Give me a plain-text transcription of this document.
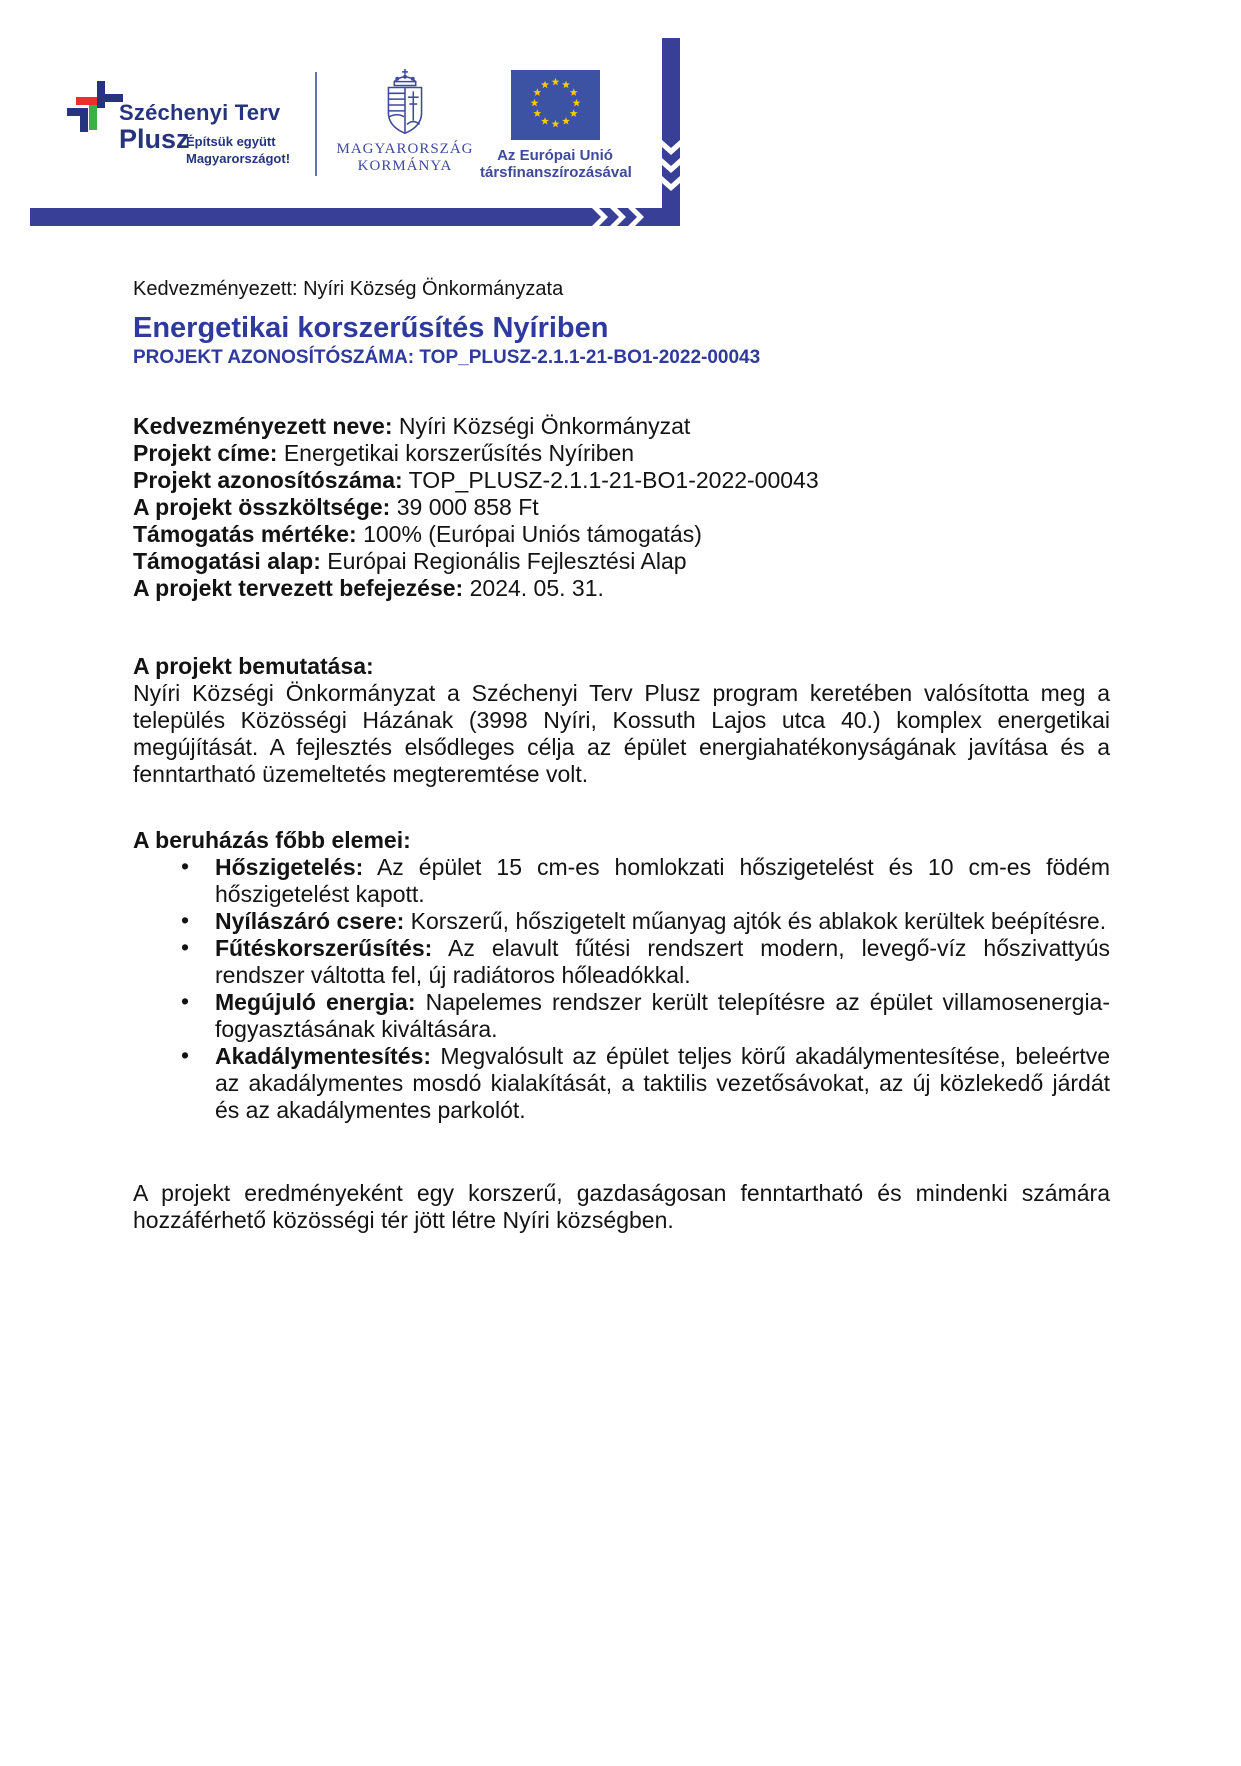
Széchenyi Terv
Plusz
Építsük együtt
Magyarországot!
MAGYARORSZÁG
KORMÁNYA
Az Európai Unió
társfinanszírozásával
Kedvezményezett: Nyíri Község Önkormányzata
Energetikai korszerűsítés Nyíriben
PROJEKT AZONOSÍTÓSZÁMA: TOP_PLUSZ-2.1.1-21-BO1-2022-00043
Kedvezményezett neve: Nyíri Községi Önkormányzat
Projekt címe: Energetikai korszerűsítés Nyíriben
Projekt azonosítószáma: TOP_PLUSZ-2.1.1-21-BO1-2022-00043
A projekt összköltsége: 39 000 858 Ft
Támogatás mértéke: 100% (Európai Uniós támogatás)
Támogatási alap: Európai Regionális Fejlesztési Alap
A projekt tervezett befejezése: 2024. 05. 31.
A projekt bemutatása:
Nyíri Községi Önkormányzat a Széchenyi Terv Plusz program keretében valósította meg a település Közösségi Házának (3998 Nyíri, Kossuth Lajos utca 40.) komplex energetikai megújítását. A fejlesztés elsődleges célja az épület energiahatékonyságának javítása és a fenntartható üzemeltetés megteremtése volt.
A beruházás főbb elemei:
• Hőszigetelés: Az épület 15 cm-es homlokzati hőszigetelést és 10 cm-es födém hőszigetelést kapott.
• Nyílászáró csere: Korszerű, hőszigetelt műanyag ajtók és ablakok kerültek beépítésre.
• Fűtéskorszerűsítés: Az elavult fűtési rendszert modern, levegő-víz hőszivattyús rendszer váltotta fel, új radiátoros hőleadókkal.
• Megújuló energia: Napelemes rendszer került telepítésre az épület villamosenergia-fogyasztásának kiváltására.
• Akadálymentesítés: Megvalósult az épület teljes körű akadálymentesítése, beleértve az akadálymentes mosdó kialakítását, a taktilis vezetősávokat, az új közlekedő járdát és az akadálymentes parkolót.
A projekt eredményeként egy korszerű, gazdaságosan fenntartható és mindenki számára hozzáférhető közösségi tér jött létre Nyíri községben.
